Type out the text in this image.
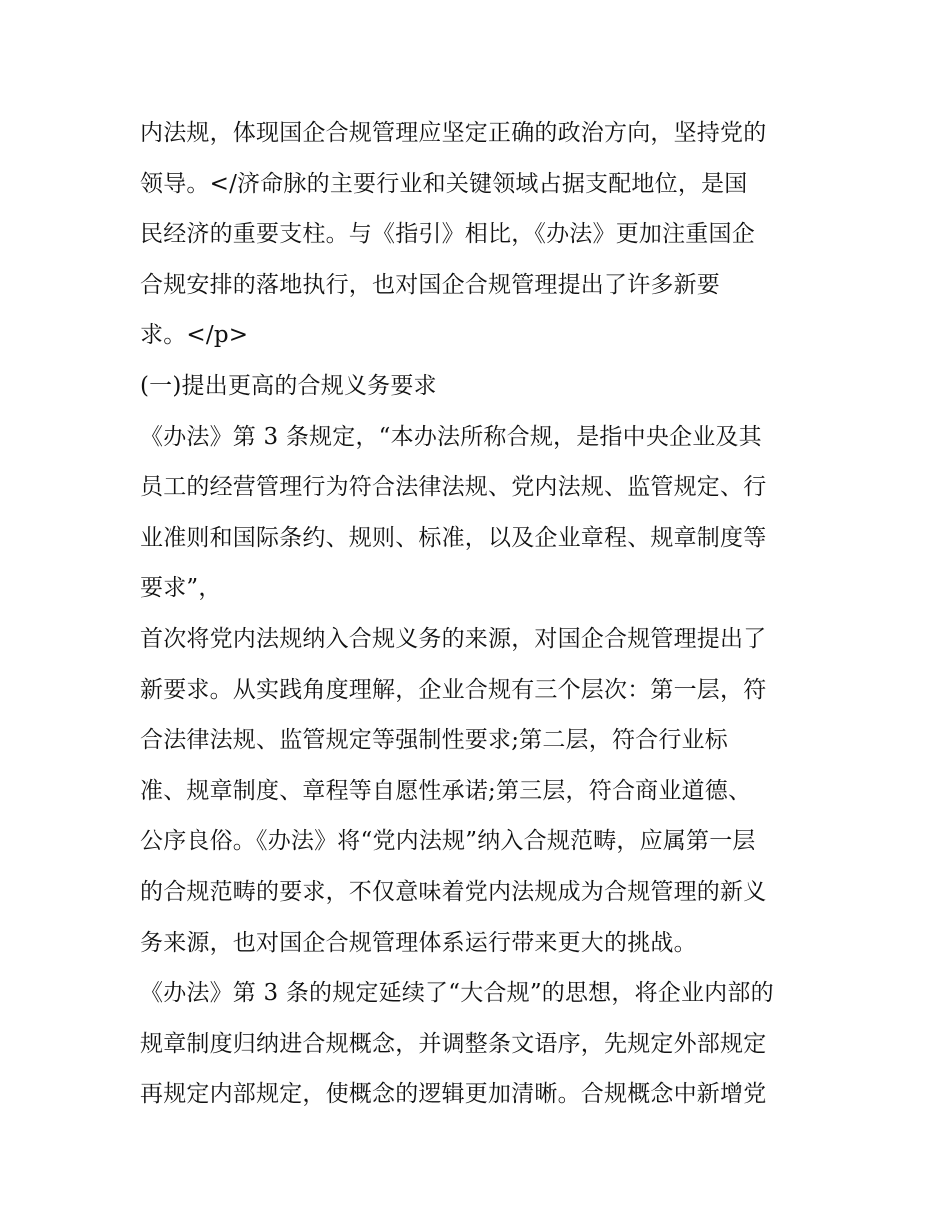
内法规，体现国企合规管理应坚定正确的政治方向，坚持党的
领导。</济命脉的主要行业和关键领域占据支配地位，是国
民经济的重要支柱。与《指引》相比，《办法》更加注重国企
合规安排的落地执行，也对国企合规管理提出了许多新要
求。</p>
(一)提出更高的合规义务要求
《办法》第 3 条规定，“本办法所称合规，是指中央企业及其
员工的经营管理行为符合法律法规、党内法规、监管规定、行
业准则和国际条约、规则、标准，以及企业章程、规章制度等
要求”，
首次将党内法规纳入合规义务的来源，对国企合规管理提出了
新要求。从实践角度理解，企业合规有三个层次：第一层，符
合法律法规、监管规定等强制性要求;第二层，符合行业标
准、规章制度、章程等自愿性承诺;第三层，符合商业道德、
公序良俗。《办法》将“党内法规”纳入合规范畴，应属第一层
的合规范畴的要求，不仅意味着党内法规成为合规管理的新义
务来源，也对国企合规管理体系运行带来更大的挑战。
《办法》第 3 条的规定延续了“大合规”的思想，将企业内部的
规章制度归纳进合规概念，并调整条文语序，先规定外部规定
再规定内部规定，使概念的逻辑更加清晰。合规概念中新增党
